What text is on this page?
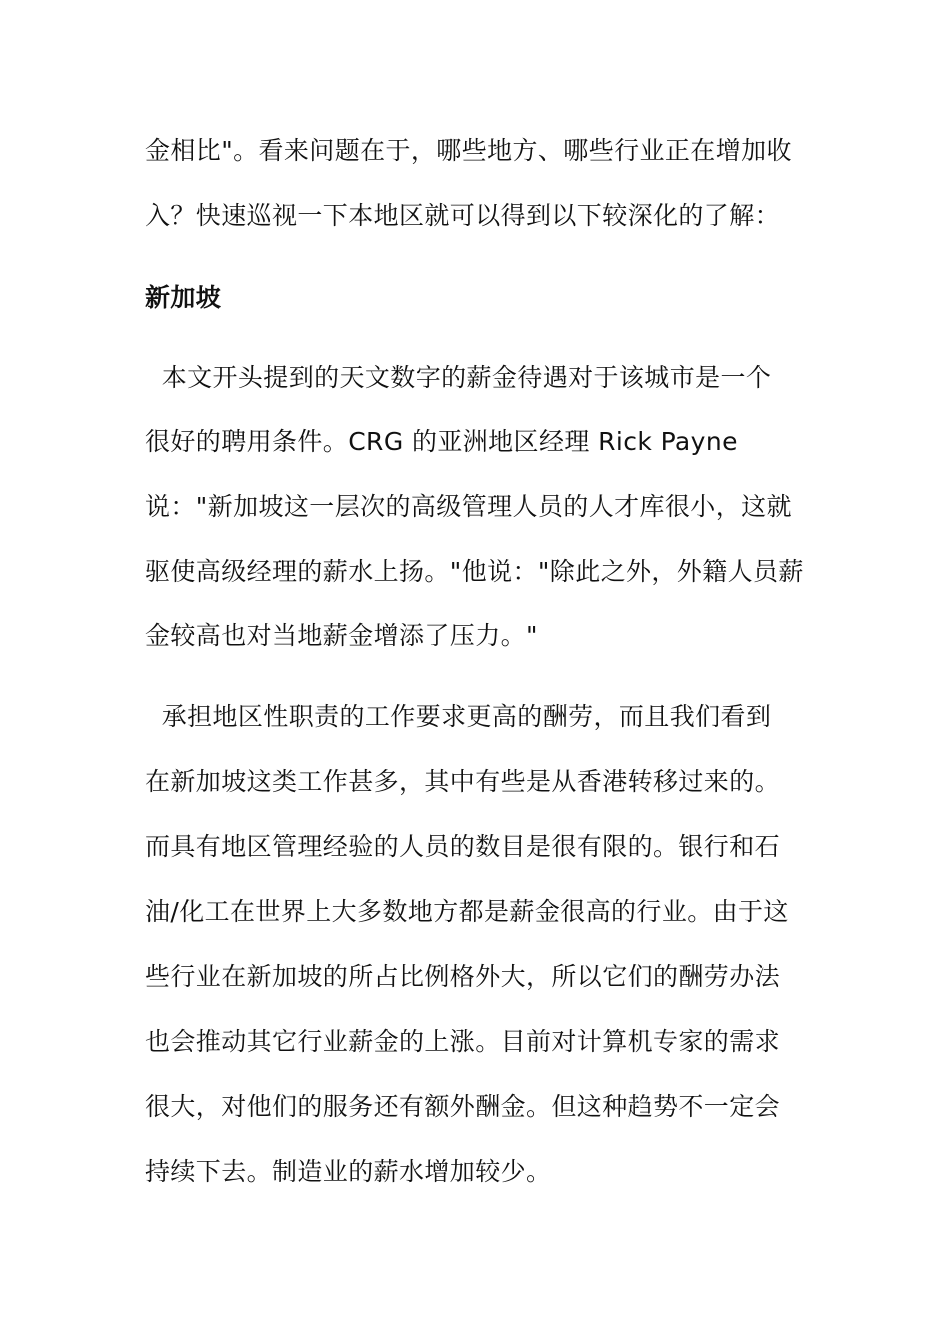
金相比"。看来问题在于，哪些地方、哪些行业正在增加收
入？快速巡视一下本地区就可以得到以下较深化的了解：
新加坡
本文开头提到的天文数字的薪金待遇对于该城市是一个
很好的聘用条件。CRG 的亚洲地区经理 Rick Payne
说："新加坡这一层次的高级管理人员的人才库很小，这就
驱使高级经理的薪水上扬。"他说："除此之外，外籍人员薪
金较高也对当地薪金增添了压力。"
承担地区性职责的工作要求更高的酬劳，而且我们看到
在新加坡这类工作甚多，其中有些是从香港转移过来的。
而具有地区管理经验的人员的数目是很有限的。银行和石
油/化工在世界上大多数地方都是薪金很高的行业。由于这
些行业在新加坡的所占比例格外大，所以它们的酬劳办法
也会推动其它行业薪金的上涨。目前对计算机专家的需求
很大，对他们的服务还有额外酬金。但这种趋势不一定会
持续下去。制造业的薪水增加较少。
